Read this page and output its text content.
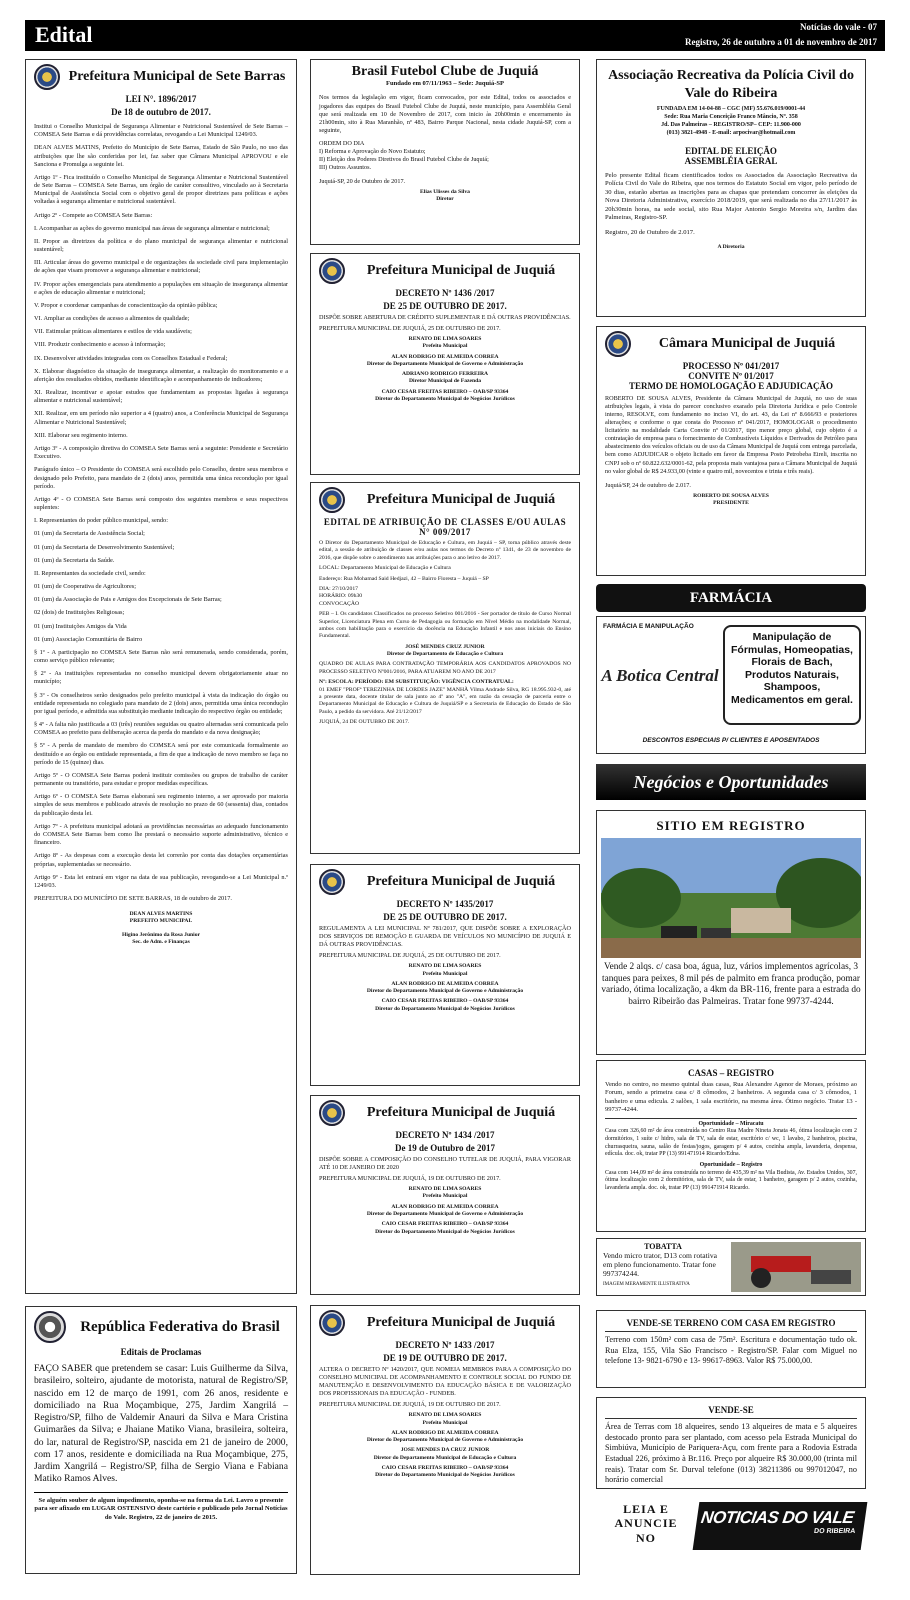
Edital	Notícias do vale - 07
Registro, 26 de outubro a 01 de novembro de 2017
Prefeitura Municipal de Sete Barras
LEI N°. 1896/2017
De 18 de outubro de 2017.

Institui o Conselho Municipal de Segurança Alimentar e Nutricional Sustentável de Sete Barras – COMSEA Sete Barras e dá providências correlatas, revogando a Lei Municipal 1249/03.

DEAN ALVES MATINS, Prefeito do Município de Sete Barras, Estado de São Paulo, no uso das atribuições que lhe são conferidas por lei, faz saber que Câmara Municipal APROVOU e ele Sanciona e Promulga a seguinte lei.

Artigo 1º - Fica instituído o Conselho Municipal de Segurança Alimentar e Nutricional Sustentável de Sete Barras – COMSEA Sete Barras, um órgão de caráter consultivo, vinculado ao à Secretaria Municipal de Assistência Social com o objetivo geral de propor diretrizes para políticas e ações voltadas à segurança alimentar e nutricional sustentável.

Artigo 2º - Compete ao COMSEA Sete Barras:

I. Acompanhar as ações do governo municipal nas áreas de segurança alimentar e nutricional;

II. Propor as diretrizes da política e do plano municipal de segurança alimentar e nutricional sustentável;

III. Articular áreas do governo municipal e de organizações da sociedade civil para implementação de ações que visam promover a segurança alimentar e nutricional;

IV. Propor ações emergenciais para atendimento a populações em situação de insegurança alimentar e ações de educação alimentar e nutricional;

V. Propor e coordenar campanhas de conscientização da opinião pública;

VI. Ampliar as condições de acesso a alimentos de qualidade;

VII. Estimular práticas alimentares e estilos de vida saudáveis;

VIII. Produzir conhecimento e acesso à informação;

IX. Desenvolver atividades integradas com os Conselhos Estadual e Federal;

X. Elaborar diagnóstico da situação de insegurança alimentar, a realização do monitoramento e a aferição dos resultados obtidos, mediante identificação e acompanhamento de indicadores;

XI. Realizar, incentivar e apoiar estudos que fundamentam as propostas ligadas à segurança alimentar e nutricional sustentável;

XII. Realizar, em um período não superior a 4 (quatro) anos, a Conferência Municipal de Segurança Alimentar e Nutricional Sustentável;

XIII. Elaborar seu regimento interno.

Artigo 3º - A composição diretiva do COMSEA Sete Barras será a seguinte: Presidente e Secretário Executivo.

Parágrafo único – O Presidente do COMSEA será escolhido pelo Conselho, dentre seus membros e designado pelo Prefeito, para mandato de 2 (dois) anos, permitida uma única recondução por igual período.

Artigo 4º - O COMSEA Sete Barras será composto dos seguintes membros e seus respectivos suplentes:

I. Representantes do poder público municipal, sendo:

01 (um) da Secretaria de Assistência Social;

01 (um) da Secretaria de Desenvolvimento Sustentável;

01 (um) da Secretaria da Saúde.

II. Representantes da sociedade civil, sendo:

01 (um) de Cooperativa de Agricultores;

01 (um) da Associação de Pais e Amigos dos Excepcionais de Sete Barras;

02 (dois) de Instituições Religiosas;

01 (um) Instituições Amigos da Vida

01 (um) Associação Comunitária de Bairro

§ 1º - A participação no COMSEA Sete Barras não será remunerada, sendo considerada, porém, como serviço público relevante;

§ 2º - As instituições representadas no conselho municipal devem obrigatoriamente atuar no município;

§ 3º - Os conselheiros serão designados pelo prefeito municipal à vista da indicação do órgão ou entidade representada no colegiado para mandato de 2 (dois) anos, permitida uma única recondução por igual período, e admitida sua substituição mediante indicação do respectivo órgão ou entidade;

§ 4º - A falta não justificada a 03 (três) reuniões seguidas ou quatro alternadas será comunicada pelo COMSEA ao prefeito para deliberação acerca da perda do mandato e da nova designação;

§ 5º - A perda de mandato de membro do COMSEA será por este comunicada formalmente ao destituído e ao órgão ou entidade representada, a fim de que a indicação de novo membro se faça no período de 15 (quinze) dias.

Artigo 5º - O COMSEA Sete Barras poderá instituir comissões ou grupos de trabalho de caráter permanente ou transitório, para estudar e propor medidas específicas.

Artigo 6º - O COMSEA Sete Barras elaborará seu regimento interno, a ser aprovado por maioria simples de seus membros e publicado através de resolução no prazo de 60 (sessenta) dias, contados da publicação desta lei.

Artigo 7º - A prefeitura municipal adotará as providências necessárias ao adequado funcionamento do COMSEA Sete Barras bem como lhe prestará o necessário suporte administrativo, técnico e financeiro.

Artigo 8º - As despesas com a execução desta lei correrão por conta das dotações orçamentárias próprias, suplementadas se necessário.

Artigo 9º - Esta lei entrará em vigor na data de sua publicação, revogando-se a Lei Municipal n.º 1249/03.

PREFEITURA DO MUNICÍPIO DE SETE BARRAS, 18 de outubro de 2017.

DEAN ALVES MARTINS
PREFEITO MUNICIPAL
Higino Jerônimo da Rosa Junior
Sec. de Adm. e Finanças
República Federativa do Brasil
Editais de Proclamas

FAÇO SABER que pretendem se casar: Luis Guilherme da Silva, brasileiro, solteiro, ajudante de motorista, natural de Registro/SP, nascido em 12 de março de 1991, com 26 anos, residente e domiciliado na Rua Moçambique, 275, Jardim Xangrilá – Registro/SP, filho de Valdemir Anauri da Silva e Mara Cristina Guimarães da Silva; e Jhaiane Matiko Viana, brasileira, solteira, do lar, natural de Registro/SP, nascida em 21 de janeiro de 2000, com 17 anos, residente e domiciliada na Rua Moçambique, 275, Jardim Xangrilá – Registro/SP, filha de Sergio Viana e Fabiana Matiko Ramos Alves.

Se alguém souber de algum impedimento, oponha-se na forma da Lei. Lavro o presente para ser afixado em LUGAR OSTENSIVO deste cartório e publicado pelo Jornal Notícias do Vale. Registro, 22 de janeiro de 2015.

Brasil Futebol Clube de Juquiá
Fundado em 07/11/1963 – Sede: Juquiá-SP

Nos termos da legislação em vigor, ficam convocados, por este Edital, todos os associados e jogadores das equipes do Brasil Futebol Clube de Juquiá, neste município, para Assembléia Geral que será realizada em 10 de Novembro de 2017, com inicio às 20h00min e encerramento às 21h00min, sito à Rua Maranhão, nº 483, Bairro Parque Nacional, nesta cidade Juquiá-SP, com a seguinte,

ORDEM DO DIA

I) Reforma e Aprovação do Novo Estatuto;

II) Eleição dos Poderes Diretivos do Brasil Futebol Clube de Juquiá;

III) Outros Assuntos.

Juquiá-SP, 20 de Outubro de 2017.

Elias Ulisses da Silva
Diretor
Prefeitura Municipal de Juquiá
DECRETO Nº 1436 /2017
DE 25 DE OUTUBRO DE 2017.

DISPÕE SOBRE ABERTURA DE CRÉDITO SUPLEMENTAR E DÁ OUTRAS PROVIDÊNCIAS.

PREFEITURA MUNICIPAL DE JUQUIÁ, 25 DE OUTUBRO DE 2017.

RENATO DE LIMA SOARES
Prefeito Municipal
ALAN RODRIGO DE ALMEIDA CORREA
Diretor do Departamento Municipal de Governo e Administração
ADRIANO RODRIGO FERREIRA
Diretor Municipal de Fazenda
CAIO CESAR FREITAS RIBEIRO – OAB/SP 93364
Diretor do Departamento Municipal de Negócios Jurídicos
Prefeitura Municipal de Juquiá
EDITAL DE ATRIBUIÇÃO DE CLASSES E/OU AULAS N° 009/2017

O Diretor do Departamento Municipal de Educação e Cultura, em Juquiá – SP, torna público através deste edital, a sessão de atribuição de classes e/ou aulas nos termos do Decreto nº 1341, de 23 de novembro de 2016, que dispõe sobre o atendimento nas atribuições para o ano letivo de 2017.

LOCAL: Departamento Municipal de Educação e Cultura

Endereço: Rua Mohamad Said Hedjazi, 42 – Bairro Floresta – Juquiá – SP

DIA: 27/10/2017

HORÁRIO: 09h30

CONVOCAÇÃO

PEB – I. Os candidatos Classificados no processo Seletivo 001/2016 - Ser portador de título de Curso Normal Superior, Licenciatura Plena em Curso de Pedagogia ou formação em Nível Médio na modalidade Normal, ambos com habilitação para o exercício da docência na Educação Infantil e nos anos iniciais do Ensino Fundamental.

JOSÉ MENDES CRUZ JUNIOR
Diretor de Departamento de Educação e Cultura

QUADRO DE AULAS PARA CONTRATAÇÃO TEMPORÁRIA AOS CANDIDATOS APROVADOS NO PROCESSO SELETIVO Nº001/2016, PARA ATUAREM NO ANO DE 2017

Nº: ESCOLA: PERÍODO: EM SUBSTITUIÇÃO: VIGÊNCIA CONTRATUAL:

01 EMEF "PROFª TEREZINHA DE LORDES JAZE" MANHÃ Vilma Andrade Silva, RG 18.995.932-0, até a presente data, docente titular de sala junto ao 4º ano "A", em razão da cessação de parceria entre o Departamento Municipal de Educação e Cultura de Juquiá/SP e a Secretaria de Educação do Estado de São Paulo, a pedido da servidora. Até 21/12/2017

JUQUIÁ, 24 DE OUTUBRO DE 2017.

Prefeitura Municipal de Juquiá
DECRETO Nº 1435/2017
DE 25 DE OUTUBRO DE 2017.

REGULAMENTA A LEI MUNICIPAL Nº 781/2017, QUE DISPÕE SOBRE A EXPLORAÇÃO DOS SERVIÇOS DE REMOÇÃO E GUARDA DE VEÍCULOS NO MUNICÍPIO DE JUQUIÁ E DÁ OUTRAS PROVIDÊNCIAS.

PREFEITURA MUNICIPAL DE JUQUIÁ, 25 DE OUTUBRO DE 2017.

RENATO DE LIMA SOARES
Prefeito Municipal
ALAN RODRIGO DE ALMEIDA CORREA
Diretor do Departamento Municipal de Governo e Administração
CAIO CESAR FREITAS RIBEIRO – OAB/SP 93364
Diretor do Departamento Municipal de Negócios Jurídicos
Prefeitura Municipal de Juquiá
DECRETO Nº 1434 /2017
De 19 de Outubro de 2017

DISPÕE SOBRE A COMPOSIÇÃO DO CONSELHO TUTELAR DE JUQUIÁ, PARA VIGORAR ATÉ 10 DE JANEIRO DE 2020

PREFEITURA MUNICIPAL DE JUQUIÁ, 19 DE OUTUBRO DE 2017.

RENATO DE LIMA SOARES
Prefeito Municipal
ALAN RODRIGO DE ALMEIDA CORREA
Diretor do Departamento Municipal de Governo e Administração
CAIO CESAR FREITAS RIBEIRO – OAB/SP 93364
Diretor do Departamento Municipal de Negócios Jurídicos
Prefeitura Municipal de Juquiá
DECRETO Nº 1433 /2017
DE 19 DE OUTUBRO DE 2017.

ALTERA O DECRETO Nº 1420/2017, QUE NOMEIA MEMBROS PARA A COMPOSIÇÃO DO CONSELHO MUNICIPAL DE ACOMPANHAMENTO E CONTROLE SOCIAL DO FUNDO DE MANUTENÇÃO E DESENVOLVIMENTO DA EDUCAÇÃO BÁSICA E DE VALORIZAÇÃO DOS PROFISSIONAIS DA EDUCAÇÃO - FUNDEB.

PREFEITURA MUNICIPAL DE JUQUIÁ, 19 DE OUTUBRO DE 2017.

RENATO DE LIMA SOARES
Prefeito Municipal
ALAN RODRIGO DE ALMEIDA CORREA
Diretor do Departamento Municipal de Governo e Administração
JOSE MENDES DA CRUZ JUNIOR
Diretor do Departamento Municipal de Educação e Cultura
CAIO CESAR FREITAS RIBEIRO – OAB/SP 93364
Diretor do Departamento Municipal de Negócios Jurídicos
Associação Recreativa da Polícia Civil do Vale do Ribeira
FUNDADA EM 14-04-88 – CGC (MF) 55.676.019/0001-44
Sede: Rua Maria Conceição Franco Mâncio, Nº. 358
Jd. Das Palmeiras – REGISTRO/SP– CEP: 11.900-000
(013) 3821-4948 - E-mail: arpocivar@hotmail.com
EDITAL DE ELEIÇÃO
ASSEMBLÉIA GERAL

Pelo presente Edital ficam cientificados todos os Associados da Associação Recreativa da Polícia Civil do Vale do Ribeira, que nos termos do Estatuto Social em vigor, pelo período de 30 dias, estarão abertas as inscrições para as chapas que pretendam concorrer às eleições da Nova Diretoria Administrativa, exercício 2018/2019, que será realizada no dia 27/11/2017 às 20h30min horas, na sede social, sito Rua Major Antonio Sergio Moreira s/n, Jardim das Palmeiras, Registro-SP.

Registro, 20 de Outubro de 2.017.

A Diretoria
Câmara Municipal de Juquiá
PROCESSO Nº 041/2017
CONVITE Nº 01/2017
TERMO DE HOMOLOGAÇÃO E ADJUDICAÇÃO

ROBERTO DE SOUSA ALVES, Presidente da Câmara Municipal de Juquiá, no uso de suas atribuições legais, à vista do parecer conclusivo exarado pela Diretoria Jurídica e pelo Controle interno, RESOLVE, com fundamento no inciso VI, do art. 43, da Lei nº 8.666/93 e posteriores alterações; e conforme o que consta do Processo nº 041/2017, HOMOLOGAR o procedimento licitatório na modalidade Carta Convite nº 01/2017, tipo menor preço global, cujo objeto é a contratação de empresa para o fornecimento de Combustíveis Líquidos e Derivados de Petróleo para abastecimento dos veículos oficiais ou de uso da Câmara Municipal de Juquiá com entrega parcelada, bem como ADJUDICAR o objeto licitado em favor da Empresa Posto Petrobeba Eireli, inscrita no CNPJ sob o nº 60.822.632/0001-62, pela proposta mais vantajosa para a Câmara Municipal de Juquiá no valor global de R$ 24.933,00 (vinte e quatro mil, novecentos e trinta e três reais).

Juquiá/SP, 24 de outubro de 2.017.

ROBERTO DE SOUSA ALVES
PRESIDENTE
FARMÁCIA
FARMÁCIA E MANIPULAÇÃO
A Botica Central
Manipulação de Fórmulas, Homeopatias, Florais de Bach, Produtos Naturais, Shampoos, Medicamentos em geral.
DESCONTOS ESPECIAIS P/ CLIENTES E APOSENTADOS
Negócios e Oportunidades
SITIO EM REGISTRO

Vende 2 alqs. c/ casa boa, água, luz, vários implementos agrícolas, 3 tanques para peixes, 8 mil pés de palmito em franca produção, pomar variado, ótima localização, a 4km da BR-116, frente para a estrada do bairro Ribeirão das Palmeiras. Tratar fone 99737-4244.

CASAS – REGISTRO

Vendo no centro, no mesmo quintal duas casas, Rua Alexandre Agenor de Moraes, próximo ao Forum, sendo a primeira casa c/ 8 cômodos, 2 banheiros. A segunda casa c/ 3 cômodos, 1 banheiro e uma edicula. 2 salões, 1 sala escritório, na mesma área. Ótimo negócio. Tratar 13 - 99737-4244.

Oportunidade – Miracatu

Casa com 326,60 m² de área construída no Centro Rua Madre Nineta Jonata 46, ótima localização com 2 dormitórios, 1 suíte c/ hidro, sala de TV, sala de estar, escritório c/ wc, 1 lavabo, 2 banheiros, piscina, churrasqueira, sauna, salão de festas/jogos, garagem p/ 4 autos, cozinha ampla, lavanderia, despensa, edícula. doc. ok, tratar PP (13) 991471914 Ricardo/Edna.

Oportunidade – Registro

Casa com 144,09 m² de área construída no terreno de 435,39 m² na Vila Budista, Av. Estados Unidos, 307, ótima localização com 2 dormitórios, sala de TV, sala de estar, 1 banheiro, garagem p/ 2 autos, cozinha, lavanderia ampla. doc. ok, tratar PP (13) 991471914 Ricardo.

TOBATTA

Vendo micro trator, D13 com rotativa em pleno funcionamento. Tratar fone 997374244.

IMAGEM MERAMENTE ILUSTRATIVA
VENDE-SE TERRENO COM CASA EM REGISTRO

Terreno com 150m² com casa de 75m². Escritura e documentação tudo ok. Rua Elza, 155, Vila São Francisco - Registro/SP. Falar com Miguel no telefone 13- 9821-6790 e 13- 99617-8963. Valor R$ 75.000,00.

VENDE-SE

Área de Terras com 18 alqueires, sendo 13 alqueires de mata e 5 alqueires destocado pronto para ser plantado, com acesso pela Estrada Municipal do Simbiúva, Município de Pariquera-Açu, com frente para a Rodovia Estrada Estadual 226, próximo à Br.116. Preço por alqueire R$ 30.000,00 (trinta mil reais). Tratar com Sr. Durval telefone (013) 38211386 ou 997012047, no horário comercial

LEIA E
ANUNCIE
NO
NOTICIAS DO VALE
DO RIBEIRA
